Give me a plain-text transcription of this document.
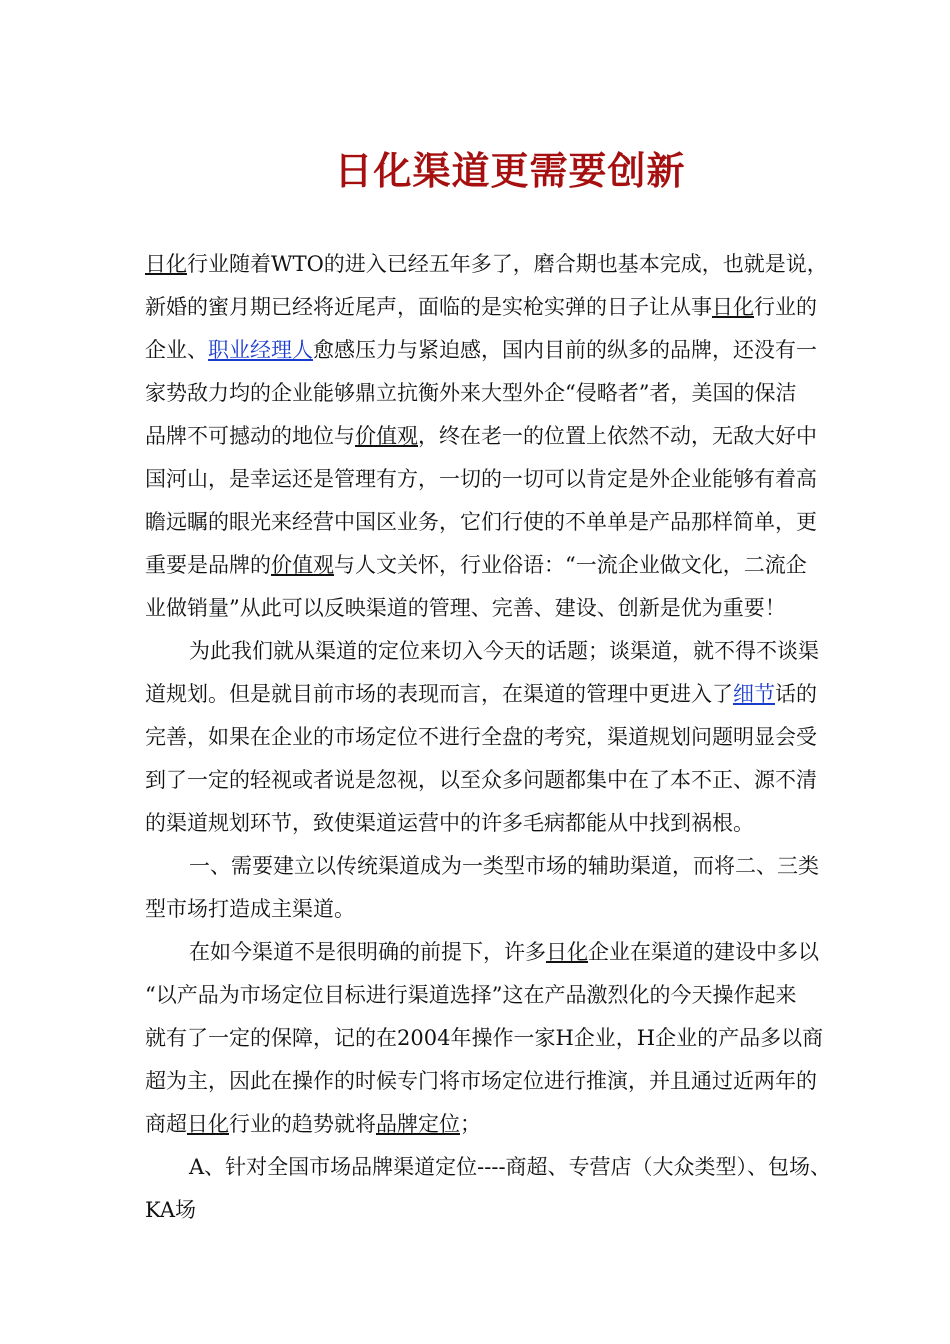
日化渠道更需要创新
日化行业随着WTO的进入已经五年多了，磨合期也基本完成，也就是说，
新婚的蜜月期已经将近尾声，面临的是实枪实弹的日子让从事日化行业的
企业、职业经理人愈感压力与紧迫感，国内目前的纵多的品牌，还没有一
家势敌力均的企业能够鼎立抗衡外来大型外企“侵略者”者，美国的保洁
品牌不可撼动的地位与价值观，终在老一的位置上依然不动，无敌大好中
国河山，是幸运还是管理有方，一切的一切可以肯定是外企业能够有着高
瞻远瞩的眼光来经营中国区业务，它们行使的不单单是产品那样简单，更
重要是品牌的价值观与人文关怀，行业俗语：“一流企业做文化，二流企
业做销量”从此可以反映渠道的管理、完善、建设、创新是优为重要！
为此我们就从渠道的定位来切入今天的话题；谈渠道，就不得不谈渠
道规划。但是就目前市场的表现而言，在渠道的管理中更进入了细节话的
完善，如果在企业的市场定位不进行全盘的考究，渠道规划问题明显会受
到了一定的轻视或者说是忽视，以至众多问题都集中在了本不正、源不清
的渠道规划环节，致使渠道运营中的许多毛病都能从中找到祸根。
一、需要建立以传统渠道成为一类型市场的辅助渠道，而将二、三类
型市场打造成主渠道。
在如今渠道不是很明确的前提下，许多日化企业在渠道的建设中多以
“以产品为市场定位目标进行渠道选择”这在产品激烈化的今天操作起来
就有了一定的保障，记的在2004年操作一家H企业，H企业的产品多以商
超为主，因此在操作的时候专门将市场定位进行推演，并且通过近两年的
商超日化行业的趋势就将品牌定位；
A、针对全国市场品牌渠道定位----商超、专营店（大众类型）、包场、
KA场
